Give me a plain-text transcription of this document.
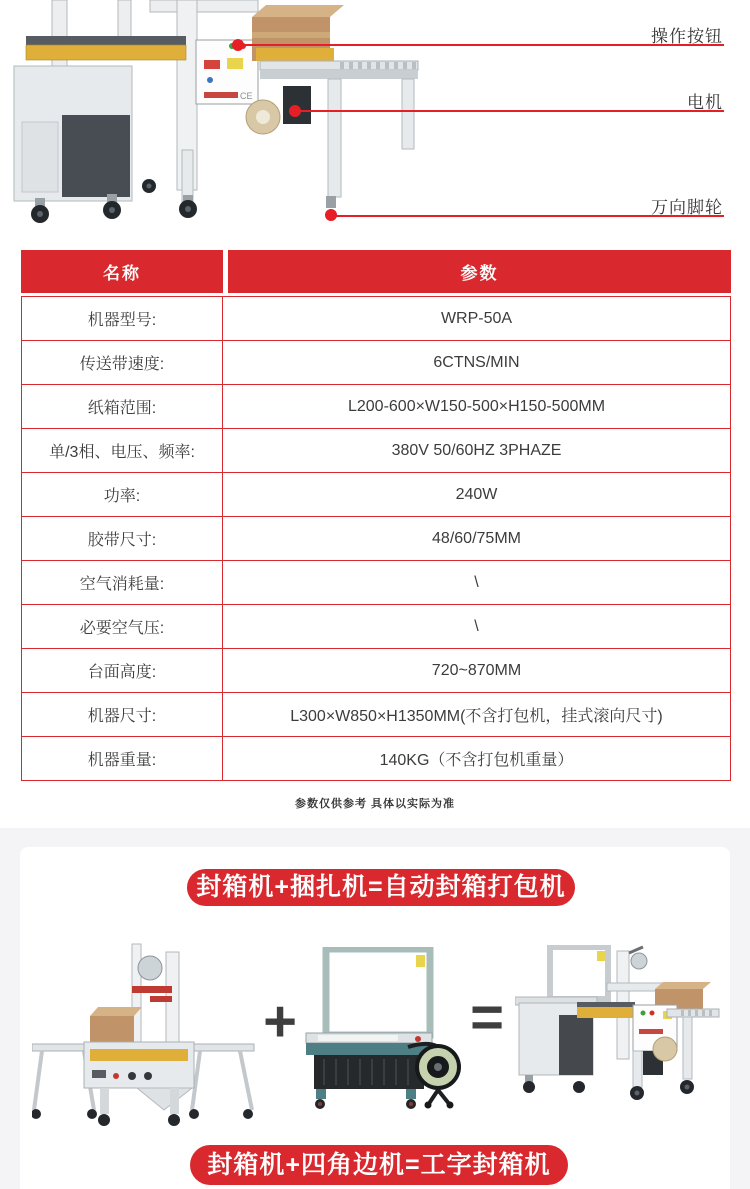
CE
操作按钮
电机
万向脚轮
名称	参数
机器型号:	WRP-50A
传送带速度:	6CTNS/MIN
纸箱范围:	L200-600×W150-500×H150-500MM
单/3相、电压、频率:	380V 50/60HZ 3PHAZE
功率:	240W
胶带尺寸:	48/60/75MM
空气消耗量:	\
必要空气压:	\
台面高度:	720~870MM
机器尺寸:	L300×W850×H1350MM(不含打包机，挂式滚向尺寸)
机器重量:	140KG（不含打包机重量）
参数仅供参考 具体以实际为准
封箱机+捆扎机=自动封箱打包机
+	=
封箱机+四角边机=工字封箱机
